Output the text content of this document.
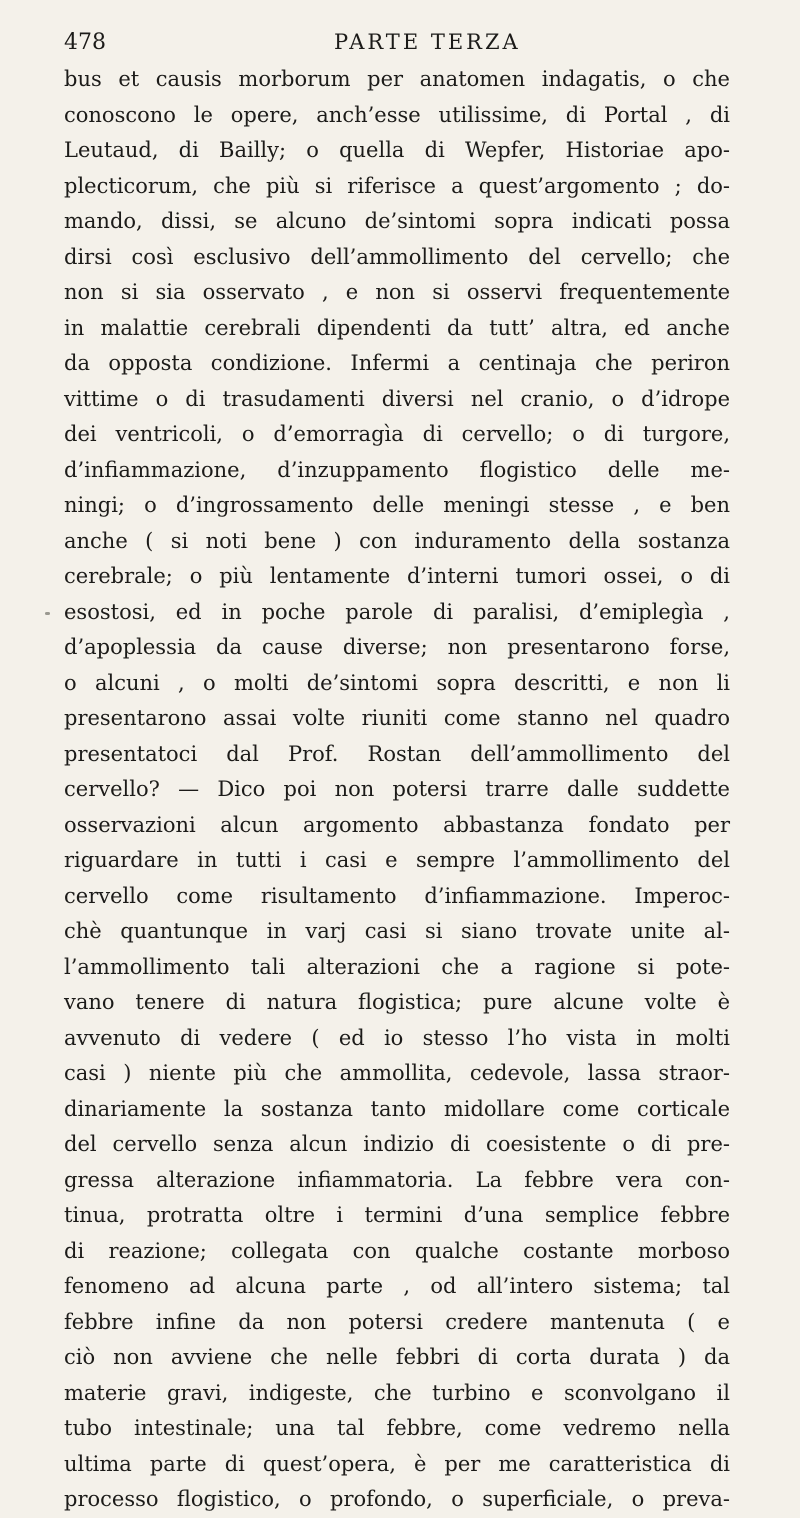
478	PARTE TERZA

bus et causis morborum per anatomen indagatis, o che
conoscono le opere, anch’esse utilissime, di Portal , di
Leutaud, di Bailly; o quella di Wepfer, Historiae apo-
plecticorum, che più si riferisce a quest’argomento ; do-
mando, dissi, se alcuno de’sintomi sopra indicati possa
dirsi così esclusivo dell’ammollimento del cervello; che
non si sia osservato , e non si osservi frequentemente
in malattie cerebrali dipendenti da tutt’ altra, ed anche
da opposta condizione. Infermi a centinaja che periron
vittime o di trasudamenti diversi nel cranio, o d’idrope
dei ventricoli, o d’emorragìa di cervello; o di turgore,
d’infiammazione, d’inzuppamento flogistico delle me-
ningi; o d’ingrossamento delle meningi stesse , e ben
anche ( si noti bene ) con induramento della sostanza
cerebrale; o più lentamente d’interni tumori ossei, o di
esostosi, ed in poche parole di paralisi, d’emiplegìa ,
d’apoplessia da cause diverse; non presentarono forse,
o alcuni , o molti de’sintomi sopra descritti, e non li
presentarono assai volte riuniti come stanno nel quadro
presentatoci dal Prof. Rostan dell’ammollimento del
cervello? — Dico poi non potersi trarre dalle suddette
osservazioni alcun argomento abbastanza fondato per
riguardare in tutti i casi e sempre l’ammollimento del
cervello come risultamento d’infiammazione. Imperoc-
chè quantunque in varj casi si siano trovate unite al-
l’ammollimento tali alterazioni che a ragione si pote-
vano tenere di natura flogistica; pure alcune volte è
avvenuto di vedere ( ed io stesso l’ho vista in molti
casi ) niente più che ammollita, cedevole, lassa straor-
dinariamente la sostanza tanto midollare come corticale
del cervello senza alcun indizio di coesistente o di pre-
gressa alterazione infiammatoria. La febbre vera con-
tinua, protratta oltre i termini d’una semplice febbre
di reazione; collegata con qualche costante morboso
fenomeno ad alcuna parte , od all’intero sistema; tal
febbre infine da non potersi credere mantenuta ( e
ciò non avviene che nelle febbri di corta durata ) da
materie gravi, indigeste, che turbino e sconvolgano il
tubo intestinale; una tal febbre, come vedremo nella
ultima parte di quest’opera, è per me caratteristica di
processo flogistico, o profondo, o superficiale, o preva-
